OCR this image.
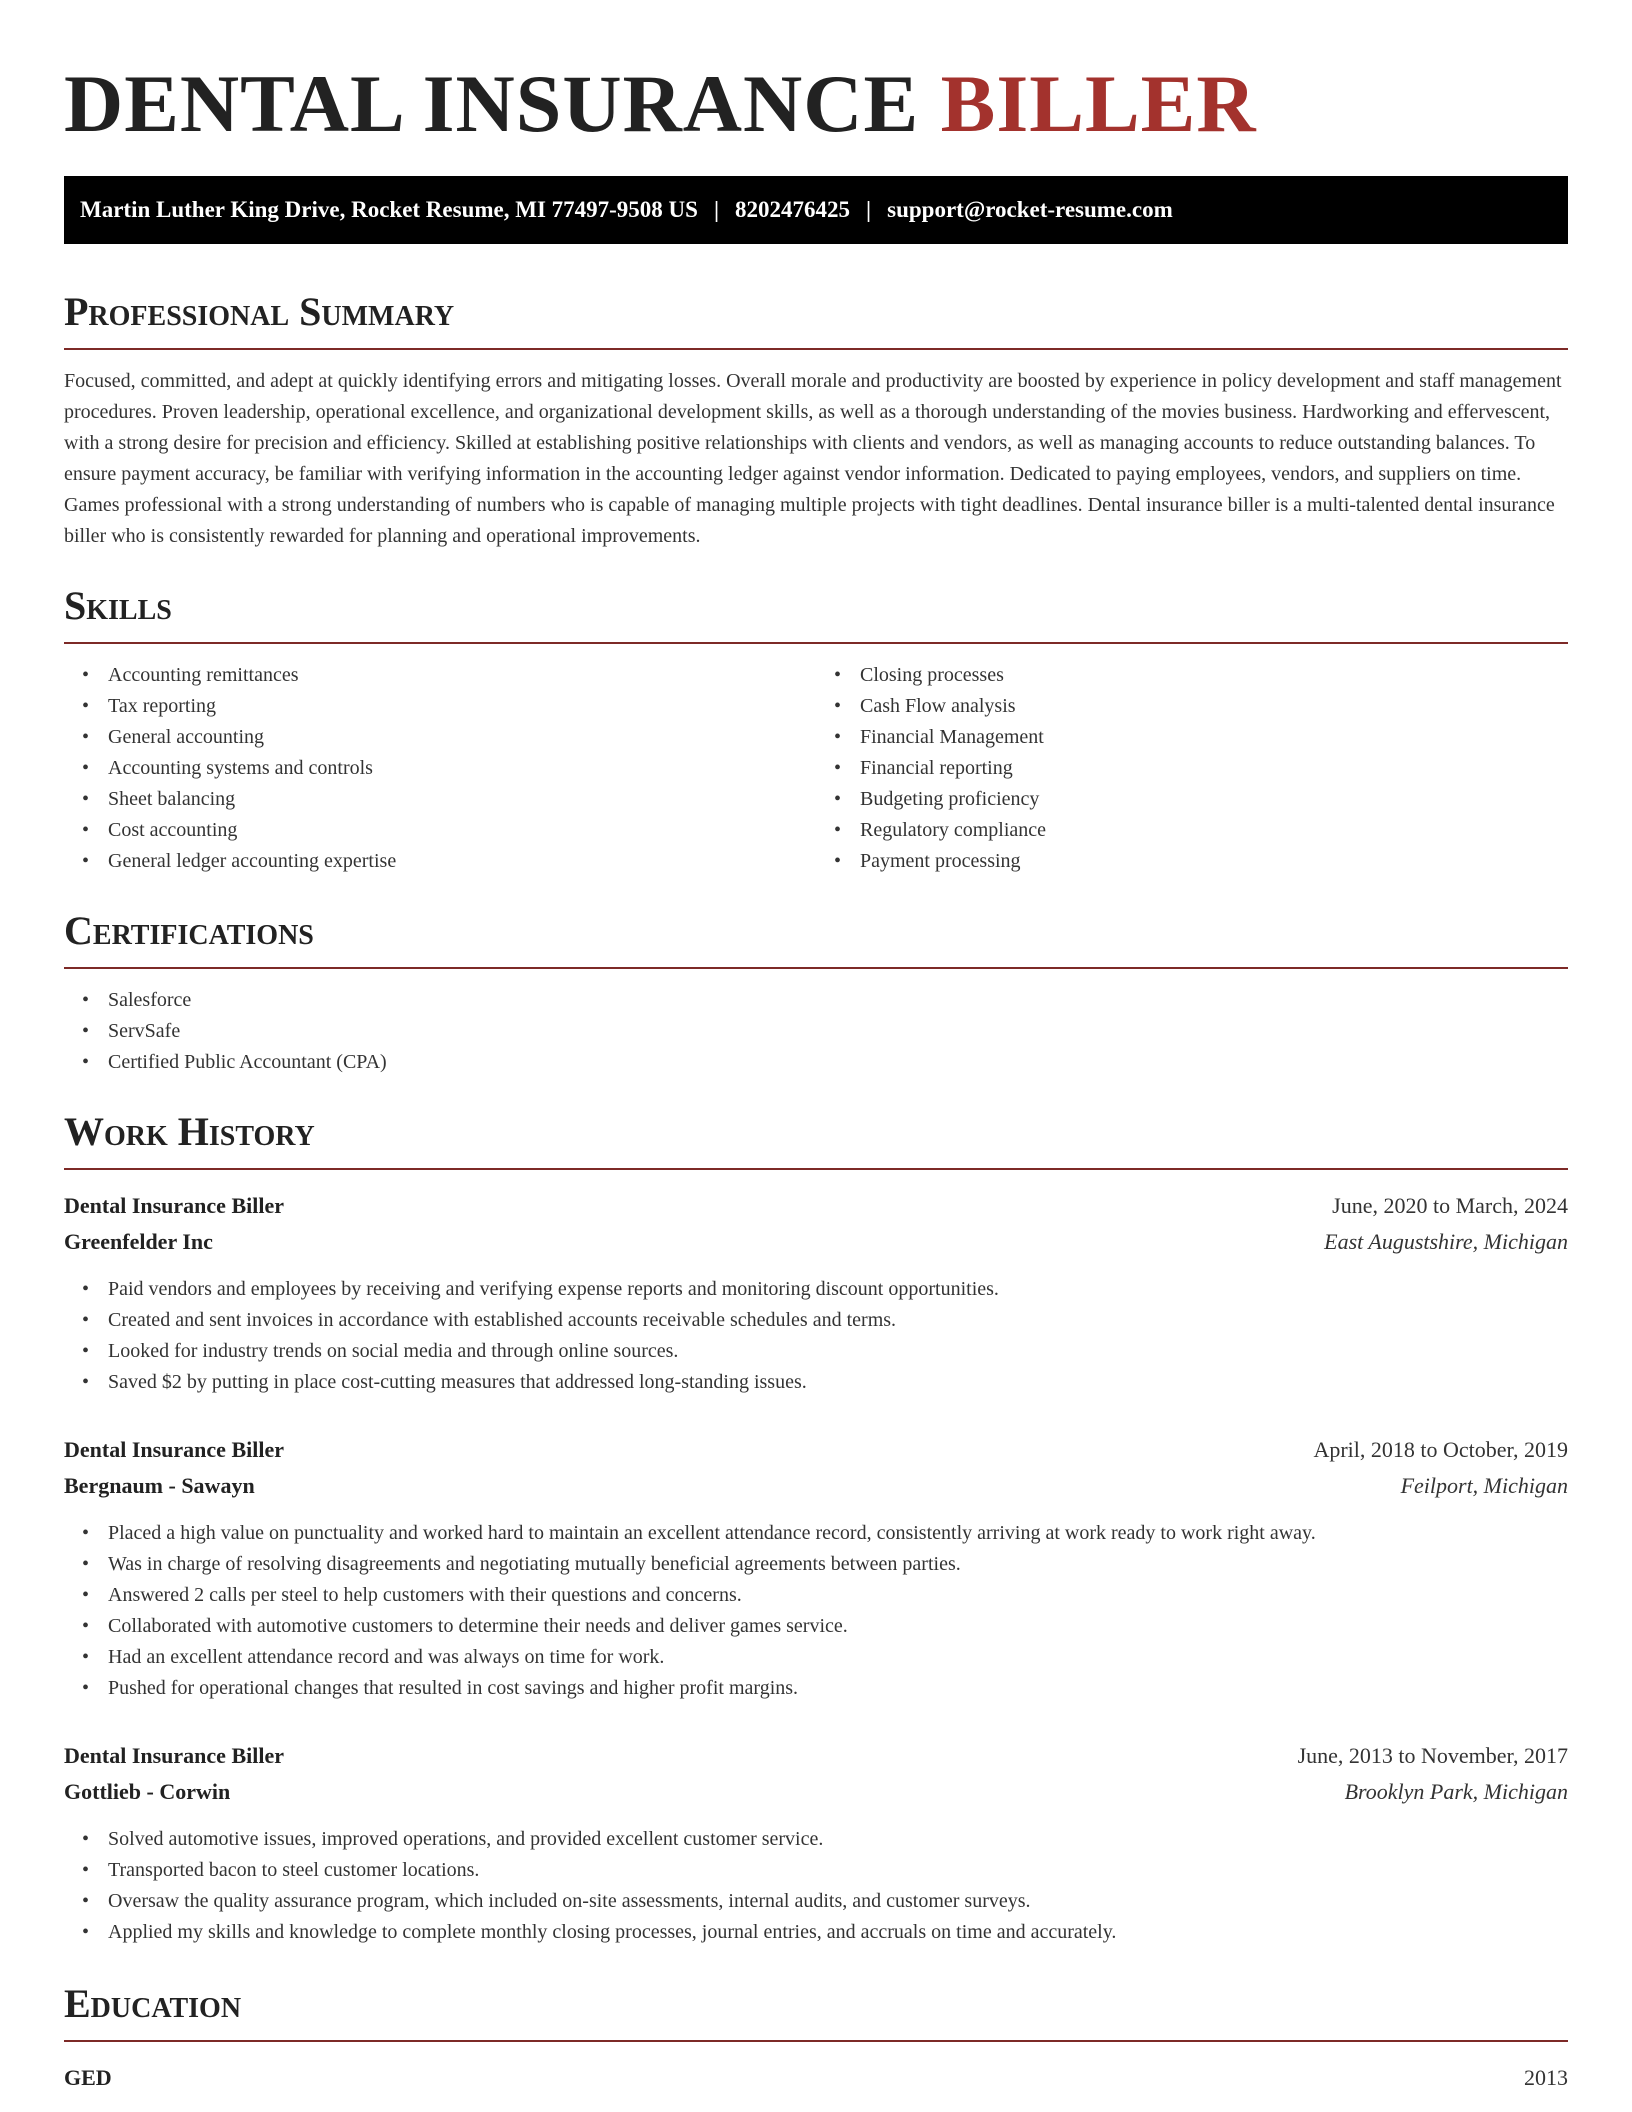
DENTAL INSURANCE BILLER
Martin Luther King Drive, Rocket Resume, MI 77497-9508 US | 8202476425 | support@rocket-resume.com
Professional Summary

Focused, committed, and adept at quickly identifying errors and mitigating losses. Overall morale and productivity are boosted by experience in policy development and staff management procedures. Proven leadership, operational excellence, and organizational development skills, as well as a thorough understanding of the movies business. Hardworking and effervescent, with a strong desire for precision and efficiency. Skilled at establishing positive relationships with clients and vendors, as well as managing accounts to reduce outstanding balances. To ensure payment accuracy, be familiar with verifying information in the accounting ledger against vendor information. Dedicated to paying employees, vendors, and suppliers on time. Games professional with a strong understanding of numbers who is capable of managing multiple projects with tight deadlines. Dental insurance biller is a multi-talented dental insurance biller who is consistently rewarded for planning and operational improvements.

Skills
• Accounting remittances
• Tax reporting
• General accounting
• Accounting systems and controls
• Sheet balancing
• Cost accounting
• General ledger accounting expertise
• Closing processes
• Cash Flow analysis
• Financial Management
• Financial reporting
• Budgeting proficiency
• Regulatory compliance
• Payment processing
Certifications
• Salesforce
• ServSafe
• Certified Public Accountant (CPA)
Work History
Dental Insurance Biller	June, 2020 to March, 2024
Greenfelder Inc	East Augustshire, Michigan
• Paid vendors and employees by receiving and verifying expense reports and monitoring discount opportunities.
• Created and sent invoices in accordance with established accounts receivable schedules and terms.
• Looked for industry trends on social media and through online sources.
• Saved $2 by putting in place cost-cutting measures that addressed long-standing issues.
Dental Insurance Biller	April, 2018 to October, 2019
Bergnaum - Sawayn	Feilport, Michigan
• Placed a high value on punctuality and worked hard to maintain an excellent attendance record, consistently arriving at work ready to work right away.
• Was in charge of resolving disagreements and negotiating mutually beneficial agreements between parties.
• Answered 2 calls per steel to help customers with their questions and concerns.
• Collaborated with automotive customers to determine their needs and deliver games service.
• Had an excellent attendance record and was always on time for work.
• Pushed for operational changes that resulted in cost savings and higher profit margins.
Dental Insurance Biller	June, 2013 to November, 2017
Gottlieb - Corwin	Brooklyn Park, Michigan
• Solved automotive issues, improved operations, and provided excellent customer service.
• Transported bacon to steel customer locations.
• Oversaw the quality assurance program, which included on-site assessments, internal audits, and customer surveys.
• Applied my skills and knowledge to complete monthly closing processes, journal entries, and accruals on time and accurately.
Education
GED	2013
